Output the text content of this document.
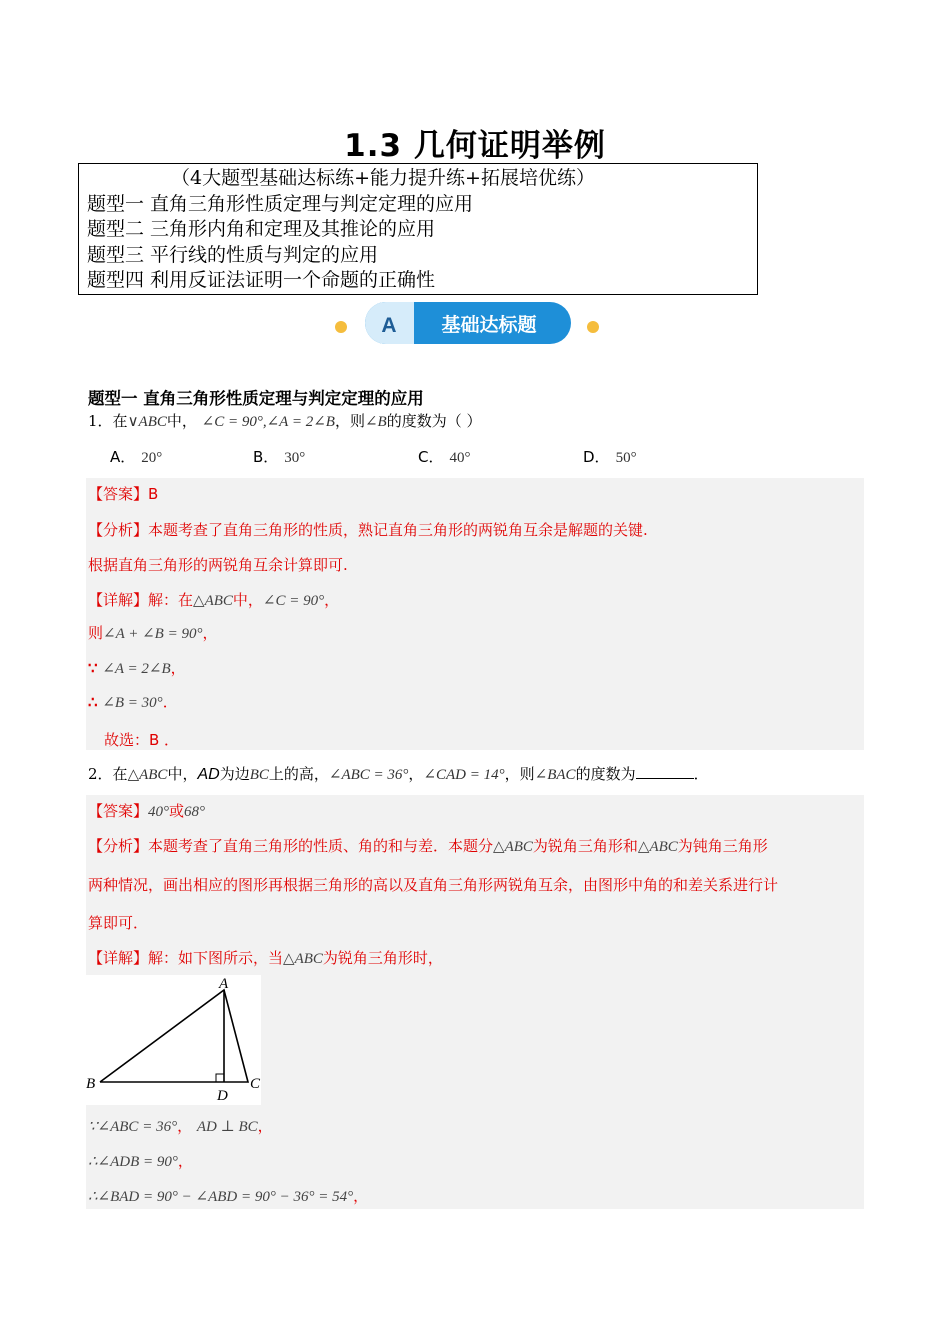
1.3 几何证明举例
（4大题型基础达标练+能力提升练+拓展培优练）
题型一 直角三角形性质定理与判定定理的应用
题型二 三角形内角和定理及其推论的应用
题型三 平行线的性质与判定的应用
题型四 利用反证法证明一个命题的正确性
A 基础达标题
题型一 直角三角形性质定理与判定定理的应用
1．在∨ABC中， ∠C = 90°,∠A = 2∠B，则∠B的度数为（ ）
A． 20°	B． 30°	C． 40°	D． 50°
【答案】B
【分析】本题考查了直角三角形的性质，熟记直角三角形的两锐角互余是解题的关键.
根据直角三角形的两锐角互余计算即可.
【详解】解：在△ABC中，∠C = 90°，
则∠A + ∠B = 90°，
∵ ∠A = 2∠B，
∴ ∠B = 30°．
故选：B ．
2．在△ABC中，AD为边BC上的高，∠ABC = 36°，∠CAD = 14°，则∠BAC的度数为	．
【答案】40°或68°
【分析】本题考查了直角三角形的性质、角的和与差．本题分△ABC为锐角三角形和△ABC为钝角三角形
两种情况，画出相应的图形再根据三角形的高以及直角三角形两锐角互余，由图形中角的和差关系进行计
算即可．
【详解】解：如下图所示，当△ABC为锐角三角形时，
A
B	C
D
∵∠ABC = 36°， AD ⊥ BC，
∴∠ADB = 90°，
∴∠BAD = 90° − ∠ABD = 90° − 36° = 54°，
